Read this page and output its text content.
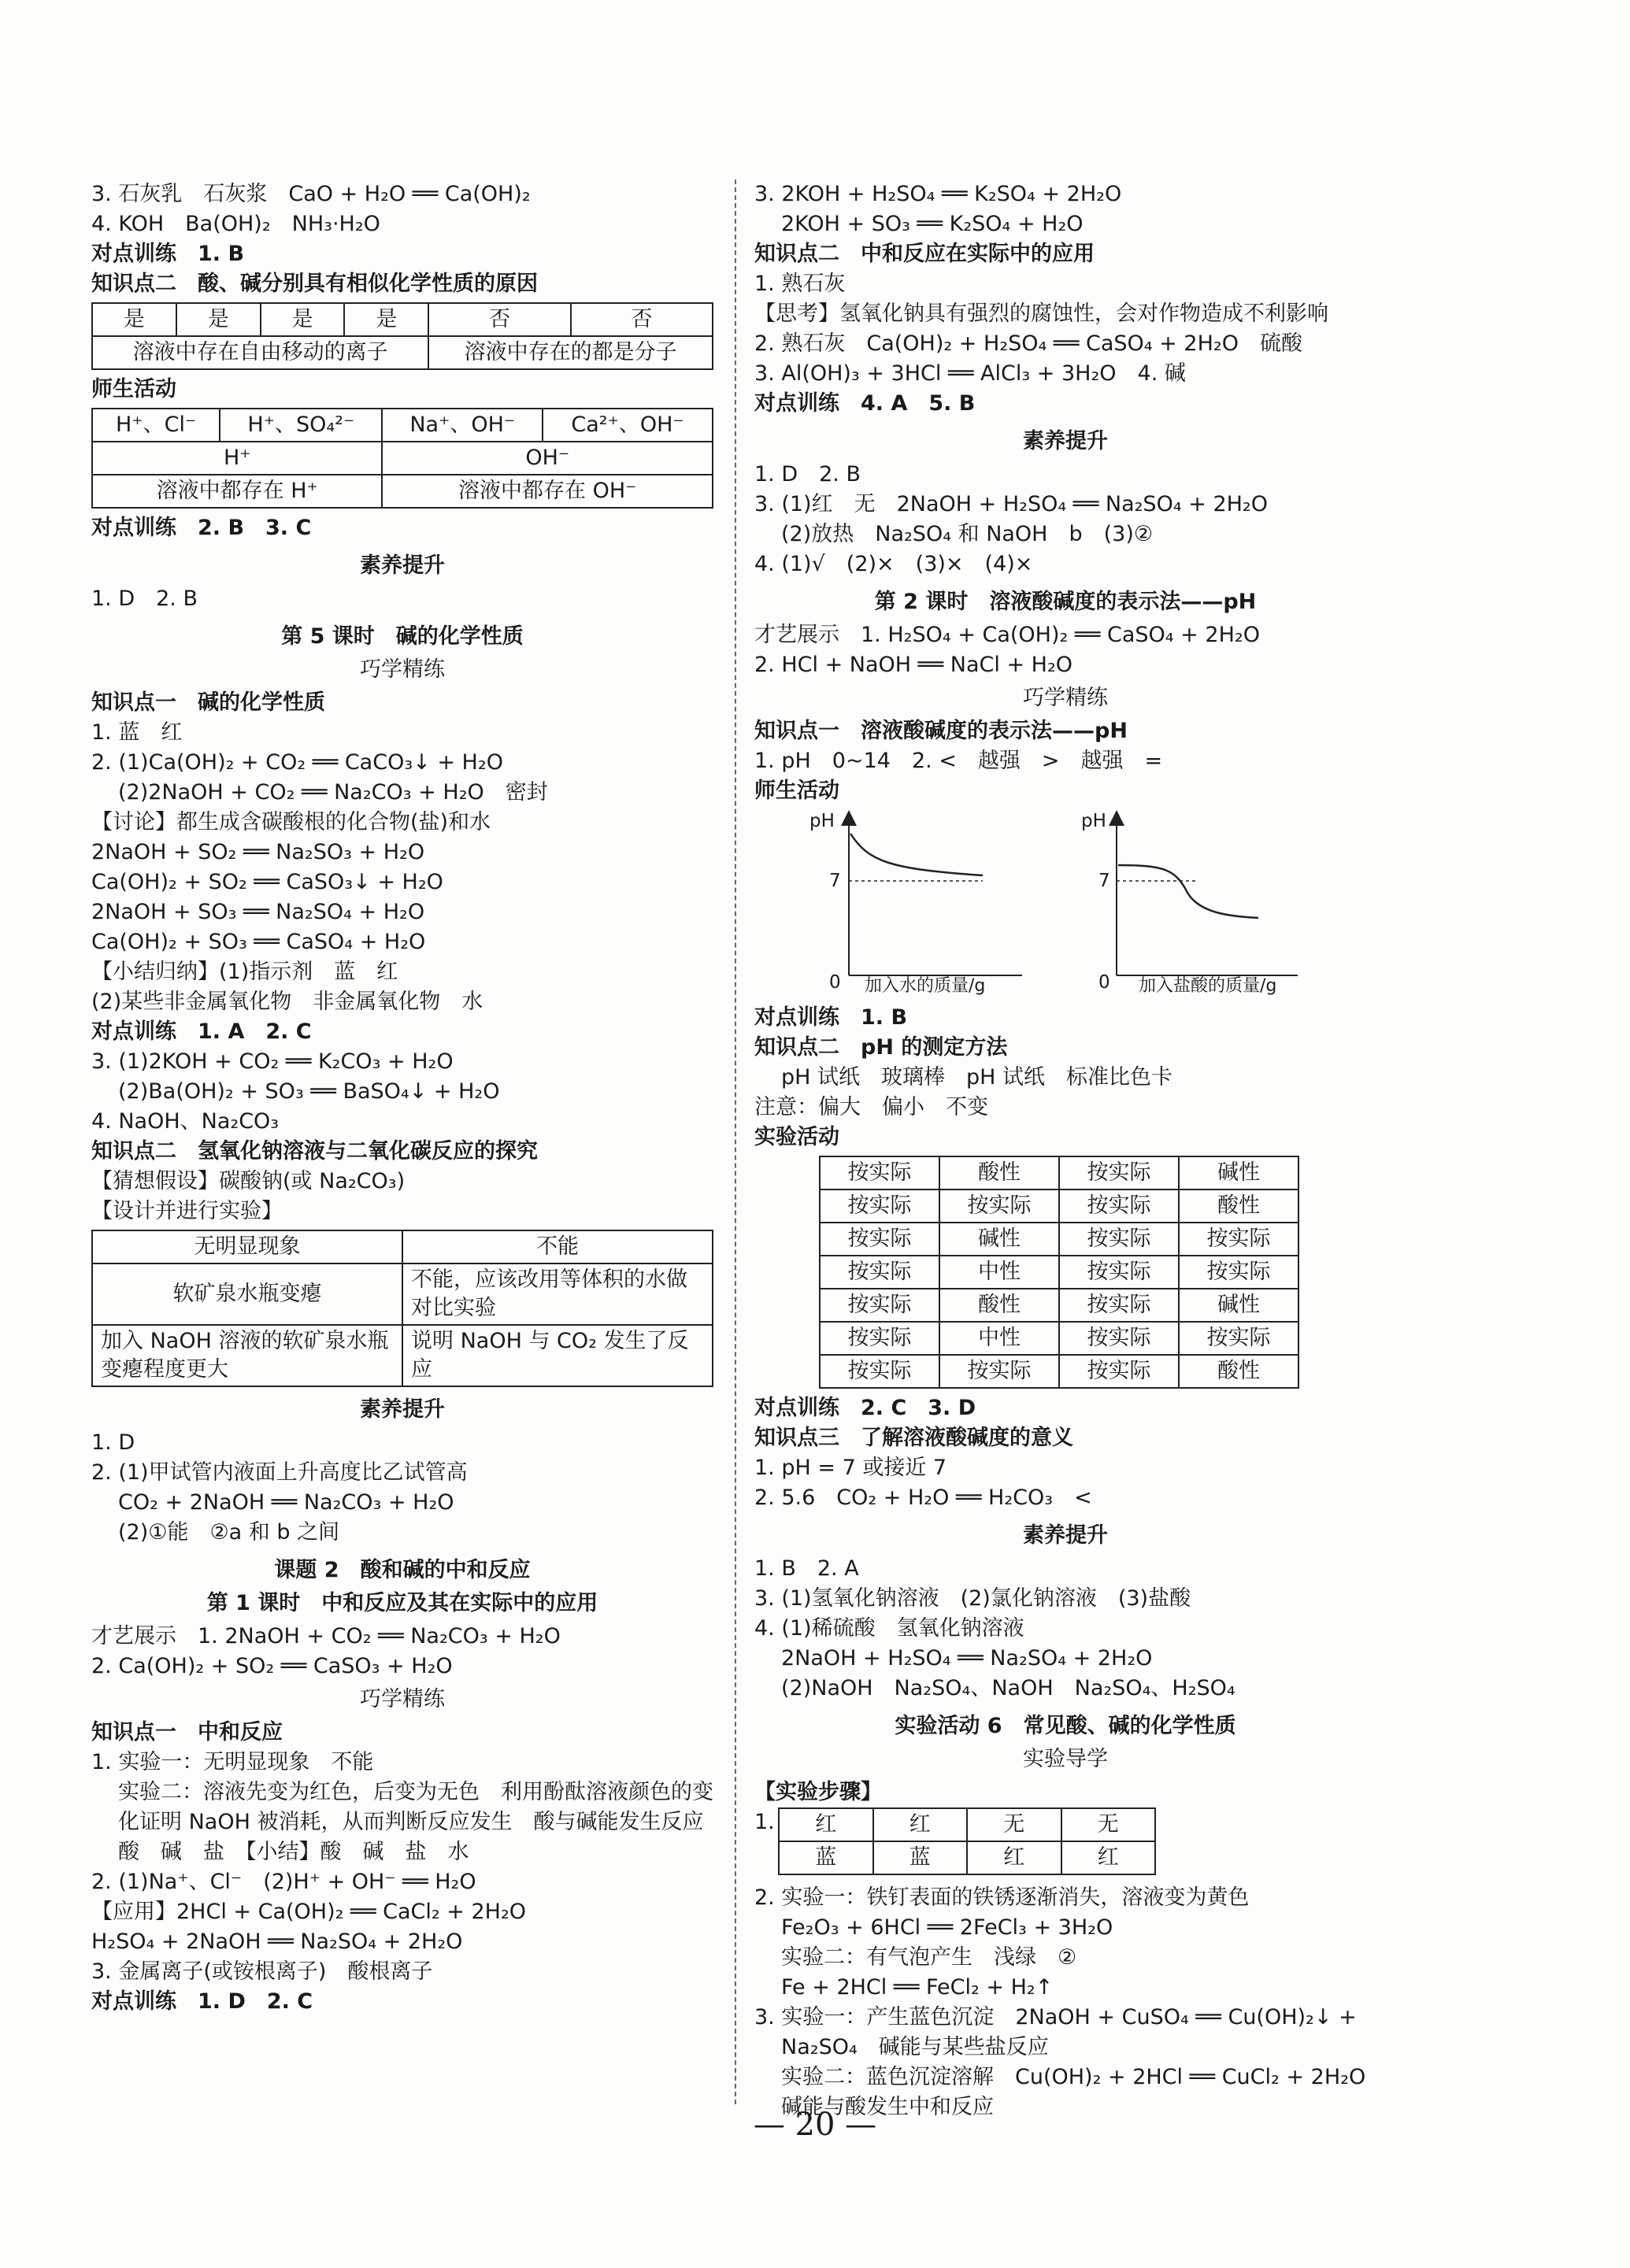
3. 石灰乳　石灰浆　CaO + H₂O ══ Ca(OH)₂
4. KOH　Ba(OH)₂　NH₃·H₂O
对点训练　1. B
知识点二　酸、碱分别具有相似化学性质的原因
是	是	是	是	否	否
溶液中存在自由移动的离子				溶液中存在的都是分子	
师生活动
H⁺、Cl⁻	H⁺、SO₄²⁻	Na⁺、OH⁻	Ca²⁺、OH⁻
H⁺		OH⁻	
溶液中都存在 H⁺		溶液中都存在 OH⁻	
对点训练　2. B　3. C
素养提升
1. D　2. B
第 5 课时　碱的化学性质
巧学精练
知识点一　碱的化学性质
1. 蓝　红
2. (1)Ca(OH)₂ + CO₂ ══ CaCO₃↓ + H₂O
(2)2NaOH + CO₂ ══ Na₂CO₃ + H₂O　密封
【讨论】都生成含碳酸根的化合物(盐)和水
2NaOH + SO₂ ══ Na₂SO₃ + H₂O
Ca(OH)₂ + SO₂ ══ CaSO₃↓ + H₂O
2NaOH + SO₃ ══ Na₂SO₄ + H₂O
Ca(OH)₂ + SO₃ ══ CaSO₄ + H₂O
【小结归纳】(1)指示剂　蓝　红
(2)某些非金属氧化物　非金属氧化物　水
对点训练　1. A　2. C
3. (1)2KOH + CO₂ ══ K₂CO₃ + H₂O
(2)Ba(OH)₂ + SO₃ ══ BaSO₄↓ + H₂O
4. NaOH、Na₂CO₃
知识点二　氢氧化钠溶液与二氧化碳反应的探究
【猜想假设】碳酸钠(或 Na₂CO₃)
【设计并进行实验】
无明显现象	不能
软矿泉水瓶变瘪	不能，应该改用等体积的水做对比实验
加入 NaOH 溶液的软矿泉水瓶变瘪程度更大	说明 NaOH 与 CO₂ 发生了反应
素养提升
1. D
2. (1)甲试管内液面上升高度比乙试管高
CO₂ + 2NaOH ══ Na₂CO₃ + H₂O
(2)①能　②a 和 b 之间
课题 2　酸和碱的中和反应
第 1 课时　中和反应及其在实际中的应用
才艺展示　1. 2NaOH + CO₂ ══ Na₂CO₃ + H₂O
2. Ca(OH)₂ + SO₂ ══ CaSO₃ + H₂O
巧学精练
知识点一　中和反应
1. 实验一：无明显现象　不能
实验二：溶液先变为红色，后变为无色　利用酚酞溶液颜色的变化证明 NaOH 被消耗，从而判断反应发生　酸与碱能发生反应
酸　碱　盐　【小结】酸　碱　盐　水
2. (1)Na⁺、Cl⁻　(2)H⁺ + OH⁻ ══ H₂O
【应用】2HCl + Ca(OH)₂ ══ CaCl₂ + 2H₂O
H₂SO₄ + 2NaOH ══ Na₂SO₄ + 2H₂O
3. 金属离子(或铵根离子)　酸根离子
对点训练　1. D　2. C
3. 2KOH + H₂SO₄ ══ K₂SO₄ + 2H₂O
2KOH + SO₃ ══ K₂SO₄ + H₂O
知识点二　中和反应在实际中的应用
1. 熟石灰
【思考】氢氧化钠具有强烈的腐蚀性，会对作物造成不利影响
2. 熟石灰　Ca(OH)₂ + H₂SO₄ ══ CaSO₄ + 2H₂O　硫酸
3. Al(OH)₃ + 3HCl ══ AlCl₃ + 3H₂O　4. 碱
对点训练　4. A　5. B
素养提升
1. D　2. B
3. (1)红　无　2NaOH + H₂SO₄ ══ Na₂SO₄ + 2H₂O
(2)放热　Na₂SO₄ 和 NaOH　b　(3)②
4. (1)√　(2)×　(3)×　(4)×
第 2 课时　溶液酸碱度的表示法——pH
才艺展示　1. H₂SO₄ + Ca(OH)₂ ══ CaSO₄ + 2H₂O
2. HCl + NaOH ══ NaCl + H₂O
巧学精练
知识点一　溶液酸碱度的表示法——pH
1. pH　0~14　2. <　越强　>　越强　=
师生活动
pH
7
0 加入水的质量/g
pH
7
0 加入盐酸的质量/g
对点训练　1. B
知识点二　pH 的测定方法
pH 试纸　玻璃棒　pH 试纸　标准比色卡
注意：偏大　偏小　不变
实验活动
按实际	酸性	按实际	碱性
按实际	按实际	按实际	酸性
按实际	碱性	按实际	按实际
按实际	中性	按实际	按实际
按实际	酸性	按实际	碱性
按实际	中性	按实际	按实际
按实际	按实际	按实际	酸性
对点训练　2. C　3. D
知识点三　了解溶液酸碱度的意义
1. pH = 7 或接近 7
2. 5.6　CO₂ + H₂O ══ H₂CO₃　<
素养提升
1. B　2. A
3. (1)氢氧化钠溶液　(2)氯化钠溶液　(3)盐酸
4. (1)稀硫酸　氢氧化钠溶液
2NaOH + H₂SO₄ ══ Na₂SO₄ + 2H₂O
(2)NaOH　Na₂SO₄、NaOH　Na₂SO₄、H₂SO₄
实验活动 6　常见酸、碱的化学性质
实验导学
【实验步骤】
1. 红	红	无	无
蓝	蓝	红	红
2. 实验一：铁钉表面的铁锈逐渐消失，溶液变为黄色
Fe₂O₃ + 6HCl ══ 2FeCl₃ + 3H₂O
实验二：有气泡产生　浅绿　②
Fe + 2HCl ══ FeCl₂ + H₂↑
3. 实验一：产生蓝色沉淀　2NaOH + CuSO₄ ══ Cu(OH)₂↓ +
Na₂SO₄　碱能与某些盐反应
实验二：蓝色沉淀溶解　Cu(OH)₂ + 2HCl ══ CuCl₂ + 2H₂O
碱能与酸发生中和反应
— 20 —
